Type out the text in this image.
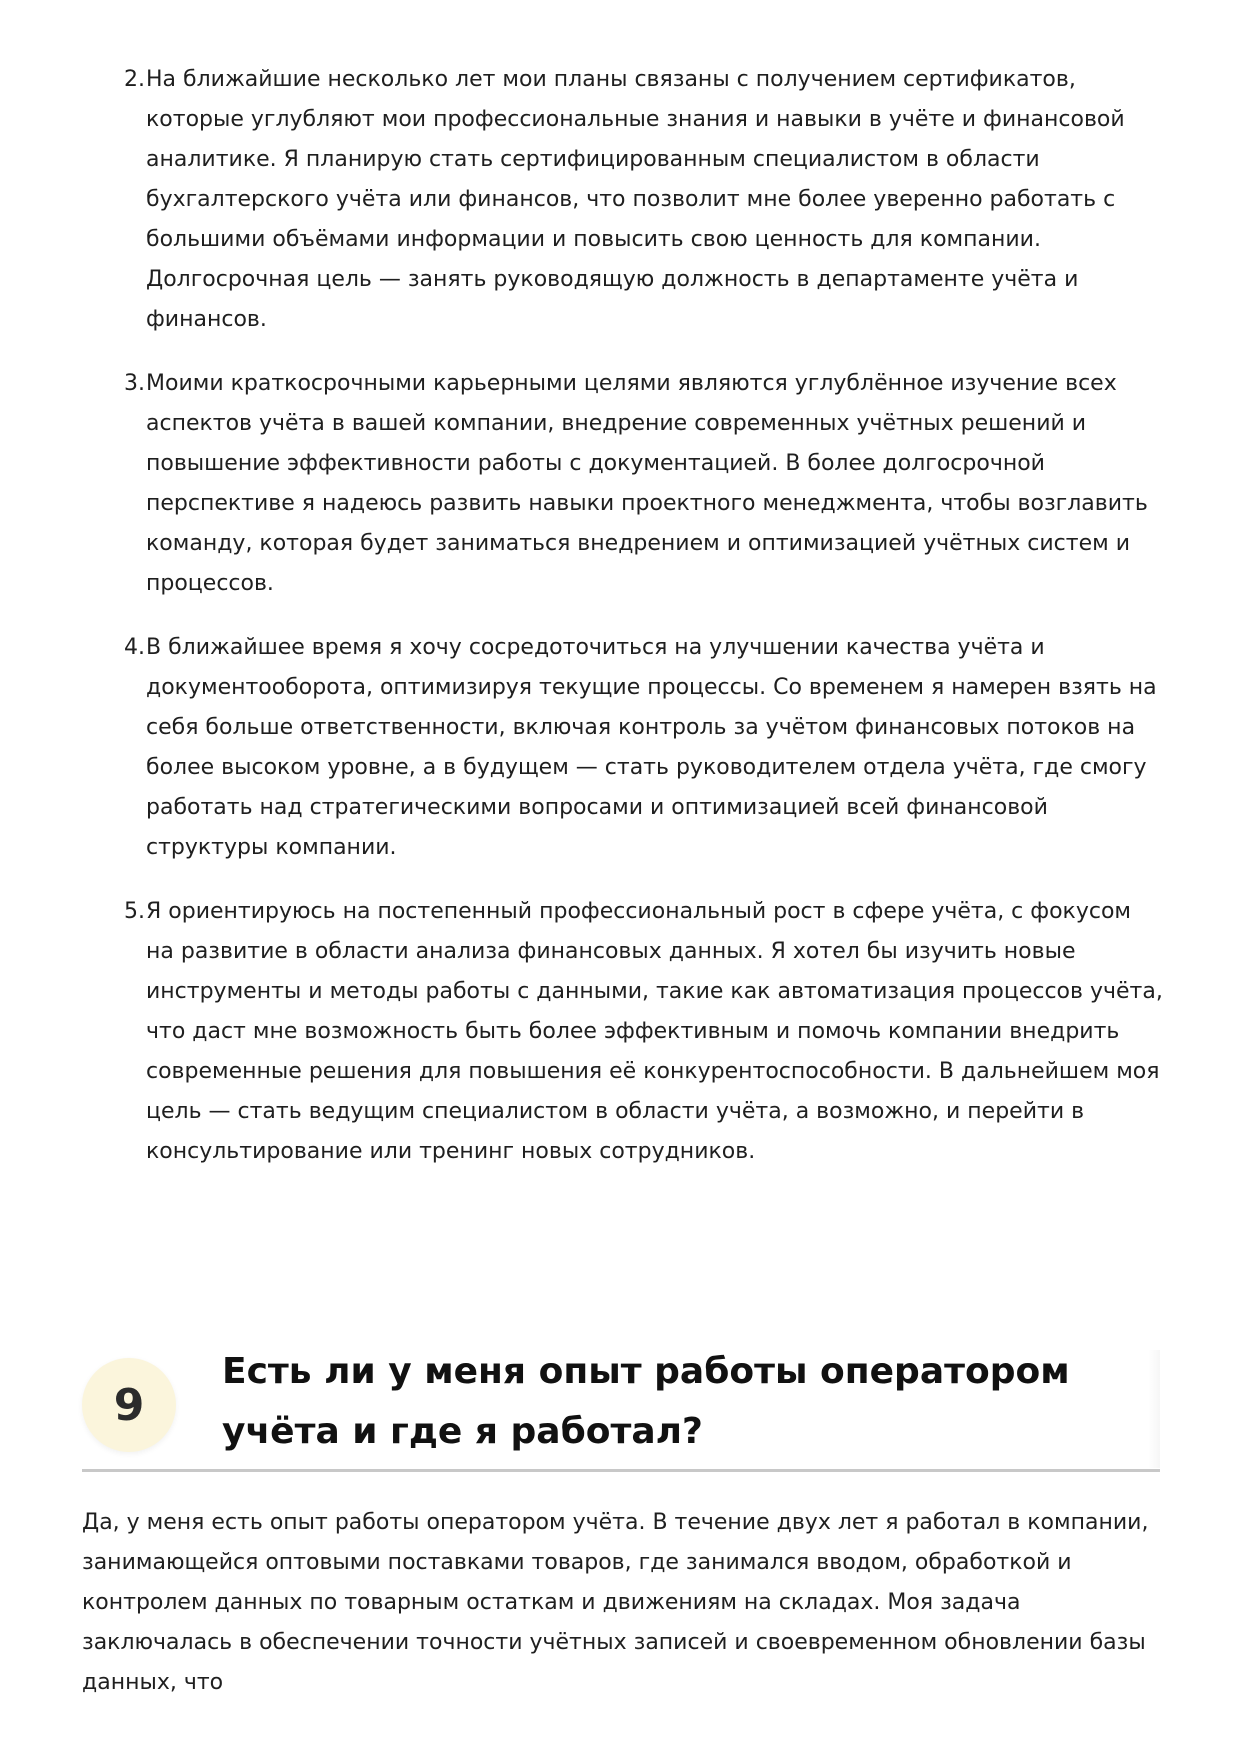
2. На ближайшие несколько лет мои планы связаны с получением сертификатов, которые углубляют мои профессиональные знания и навыки в учёте и финансовой аналитике. Я планирую стать сертифицированным специалистом в области бухгалтерского учёта или финансов, что позволит мне более уверенно работать с большими объёмами информации и повысить свою ценность для компании. Долгосрочная цель — занять руководящую должность в департаменте учёта и финансов.
3. Моими краткосрочными карьерными целями являются углублённое изучение всех аспектов учёта в вашей компании, внедрение современных учётных решений и повышение эффективности работы с документацией. В более долгосрочной перспективе я надеюсь развить навыки проектного менеджмента, чтобы возглавить команду, которая будет заниматься внедрением и оптимизацией учётных систем и процессов.
4. В ближайшее время я хочу сосредоточиться на улучшении качества учёта и документооборота, оптимизируя текущие процессы. Со временем я намерен взять на себя больше ответственности, включая контроль за учётом финансовых потоков на более высоком уровне, а в будущем — стать руководителем отдела учёта, где смогу работать над стратегическими вопросами и оптимизацией всей финансовой структуры компании.
5. Я ориентируюсь на постепенный профессиональный рост в сфере учёта, с фокусом на развитие в области анализа финансовых данных. Я хотел бы изучить новые инструменты и методы работы с данными, такие как автоматизация процессов учёта, что даст мне возможность быть более эффективным и помочь компании внедрить современные решения для повышения её конкурентоспособности. В дальнейшем моя цель — стать ведущим специалистом в области учёта, а возможно, и перейти в консультирование или тренинг новых сотрудников.
9
Есть ли у меня опыт работы оператором учёта и где я работал?

Да, у меня есть опыт работы оператором учёта. В течение двух лет я работал в компании, занимающейся оптовыми поставками товаров, где занимался вводом, обработкой и контролем данных по товарным остаткам и движениям на складах. Моя задача заключалась в обеспечении точности учётных записей и своевременном обновлении базы данных, что
